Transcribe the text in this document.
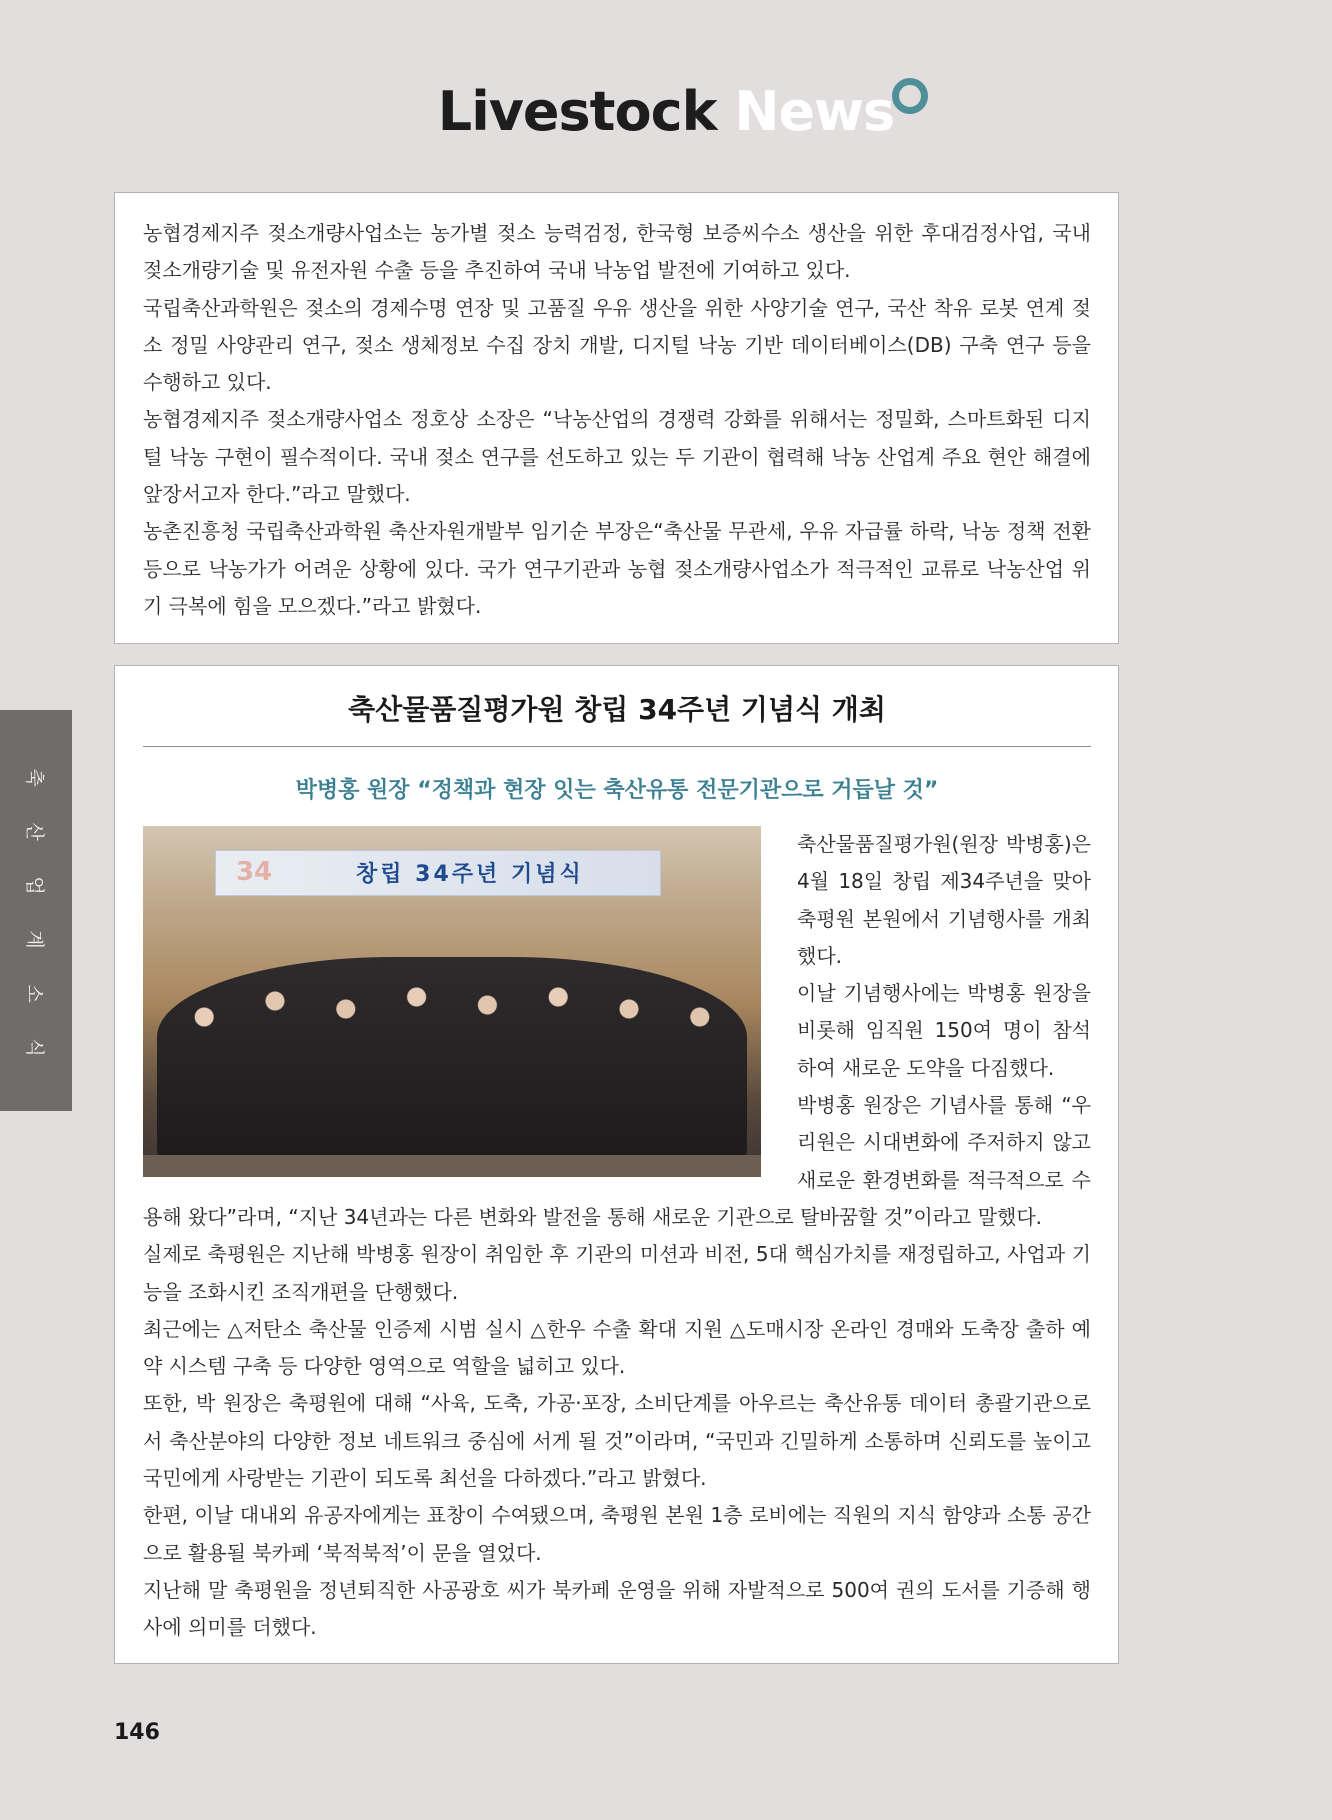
Livestock News

농협경제지주 젖소개량사업소는 농가별 젖소 능력검정, 한국형 보증씨수소 생산을 위한 후대검정사업, 국내 젖소개량기술 및 유전자원 수출 등을 추진하여 국내 낙농업 발전에 기여하고 있다.

국립축산과학원은 젖소의 경제수명 연장 및 고품질 우유 생산을 위한 사양기술 연구, 국산 착유 로봇 연계 젖소 정밀 사양관리 연구, 젖소 생체정보 수집 장치 개발, 디지털 낙농 기반 데이터베이스(DB) 구축 연구 등을 수행하고 있다.

농협경제지주 젖소개량사업소 정호상 소장은 “낙농산업의 경쟁력 강화를 위해서는 정밀화, 스마트화된 디지털 낙농 구현이 필수적이다. 국내 젖소 연구를 선도하고 있는 두 기관이 협력해 낙농 산업계 주요 현안 해결에 앞장서고자 한다.”라고 말했다.

농촌진흥청 국립축산과학원 축산자원개발부 임기순 부장은“축산물 무관세, 우유 자급률 하락, 낙농 정책 전환 등으로 낙농가가 어려운 상황에 있다. 국가 연구기관과 농협 젖소개량사업소가 적극적인 교류로 낙농산업 위기 극복에 힘을 모으겠다.”라고 밝혔다.

축산물품질평가원 창립 34주년 기념식 개최

박병홍 원장 “정책과 현장 잇는 축산유통 전문기관으로 거듭날 것”

34	창립 34주년 기념식

축산물품질평가원(원장 박병홍)은 4월 18일 창립 제34주년을 맞아 축평원 본원에서 기념행사를 개최했다.

이날 기념행사에는 박병홍 원장을 비롯해 임직원 150여 명이 참석하여 새로운 도약을 다짐했다.

박병홍 원장은 기념사를 통해 “우리원은 시대변화에 주저하지 않고 새로운 환경변화를 적극적으로 수용해 왔다”라며, “지난 34년과는 다른 변화와 발전을 통해 새로운 기관으로 탈바꿈할 것”이라고 말했다.

실제로 축평원은 지난해 박병홍 원장이 취임한 후 기관의 미션과 비전, 5대 핵심가치를 재정립하고, 사업과 기능을 조화시킨 조직개편을 단행했다.

최근에는 △저탄소 축산물 인증제 시범 실시 △한우 수출 확대 지원 △도매시장 온라인 경매와 도축장 출하 예약 시스템 구축 등 다양한 영역으로 역할을 넓히고 있다.

또한, 박 원장은 축평원에 대해 “사육, 도축, 가공·포장, 소비단계를 아우르는 축산유통 데이터 총괄기관으로서 축산분야의 다양한 정보 네트워크 중심에 서게 될 것”이라며, “국민과 긴밀하게 소통하며 신뢰도를 높이고 국민에게 사랑받는 기관이 되도록 최선을 다하겠다.”라고 밝혔다.

한편, 이날 대내외 유공자에게는 표창이 수여됐으며, 축평원 본원 1층 로비에는 직원의 지식 함양과 소통 공간으로 활용될 북카페 ‘북적북적’이 문을 열었다.

지난해 말 축평원을 정년퇴직한 사공광호 씨가 북카페 운영을 위해 자발적으로 500여 권의 도서를 기증해 행사에 의미를 더했다.

축
산
업
계
소
식
146
